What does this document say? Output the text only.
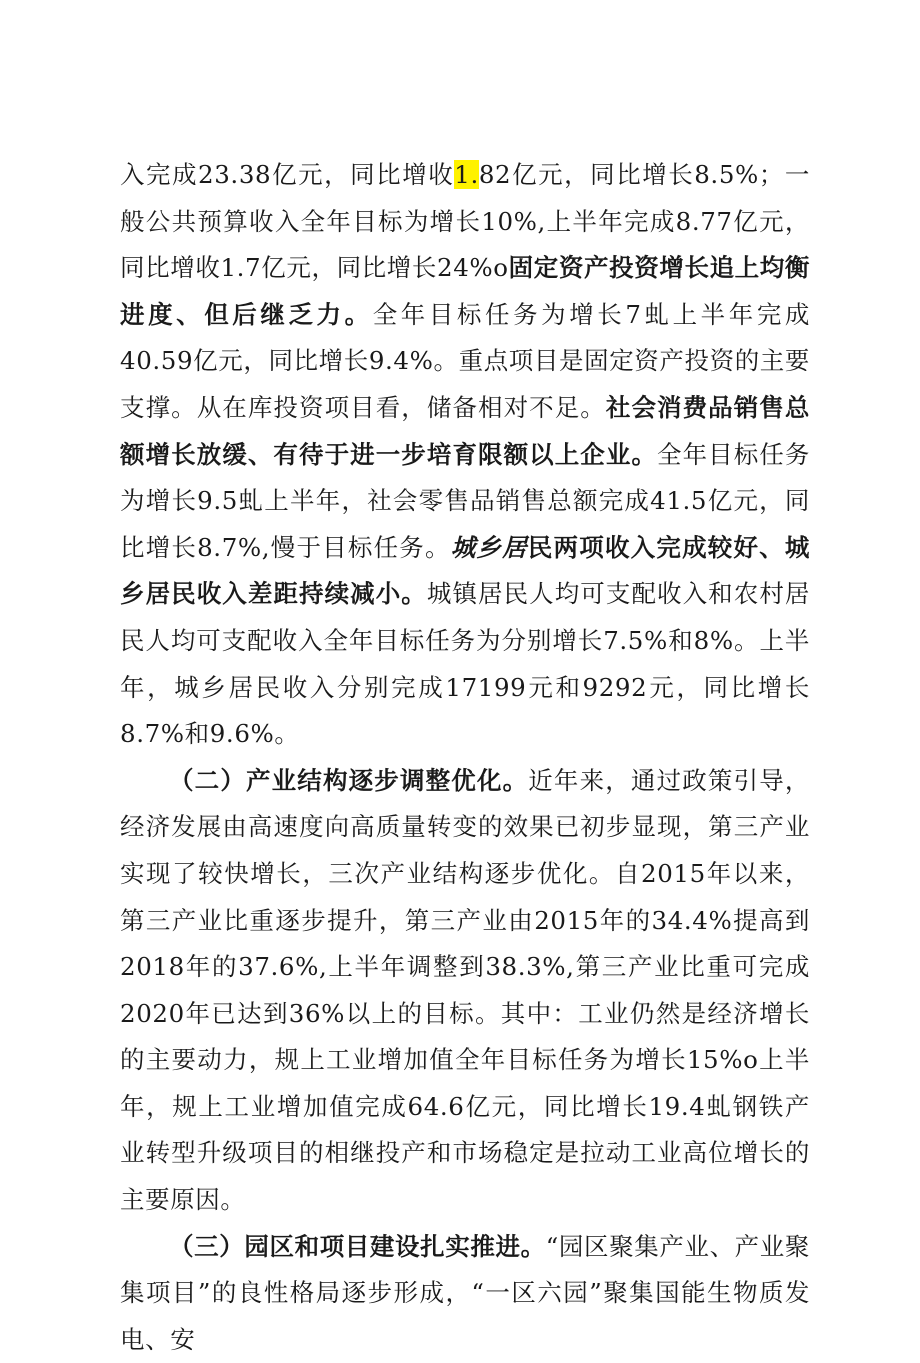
入完成23.38亿元，同比增收1.82亿元，同比增长8.5%；一般公共预算收入全年目标为增长10%,上半年完成8.77亿元，同比增收1.7亿元，同比增长24%o固定资产投资增长追上均衡进度、但后继乏力。全年目标任务为增长7虬上半年完成40.59亿元，同比增长9.4%。重点项目是固定资产投资的主要支撑。从在库投资项目看，储备相对不足。社会消费品销售总额增长放缓、有待于进一步培育限额以上企业。全年目标任务为增长9.5虬上半年，社会零售品销售总额完成41.5亿元，同比增长8.7%,慢于目标任务。城乡居民两项收入完成较好、城乡居民收入差距持续减小。城镇居民人均可支配收入和农村居民人均可支配收入全年目标任务为分别增长7.5%和8%。上半年，城乡居民收入分别完成17199元和9292元，同比增长8.7%和9.6%。

（二）产业结构逐步调整优化。近年来，通过政策引导，经济发展由高速度向高质量转变的效果已初步显现，第三产业实现了较快增长，三次产业结构逐步优化。自2015年以来，第三产业比重逐步提升，第三产业由2015年的34.4%提高到2018年的37.6%,上半年调整到38.3%,第三产业比重可完成2020年已达到36%以上的目标。其中：工业仍然是经济增长的主要动力，规上工业增加值全年目标任务为增长15%o上半年，规上工业增加值完成64.6亿元，同比增长19.4虬钢铁产业转型升级项目的相继投产和市场稳定是拉动工业高位增长的主要原因。

（三）园区和项目建设扎实推进。“园区聚集产业、产业聚集项目”的良性格局逐步形成，“一区六园”聚集国能生物质发电、安
